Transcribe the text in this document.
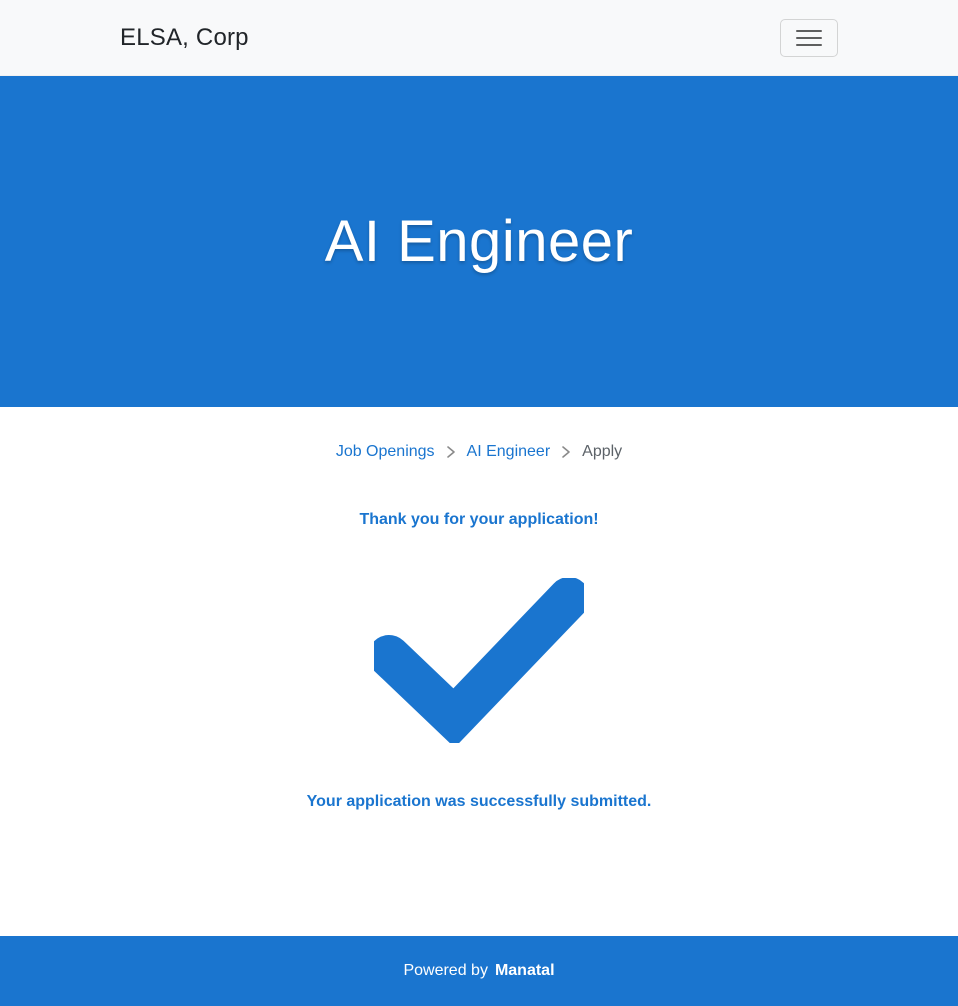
ELSA, Corp
AI Engineer
Job Openings AI Engineer Apply

Thank you for your application!

Your application was successfully submitted.

Powered by Manatal
